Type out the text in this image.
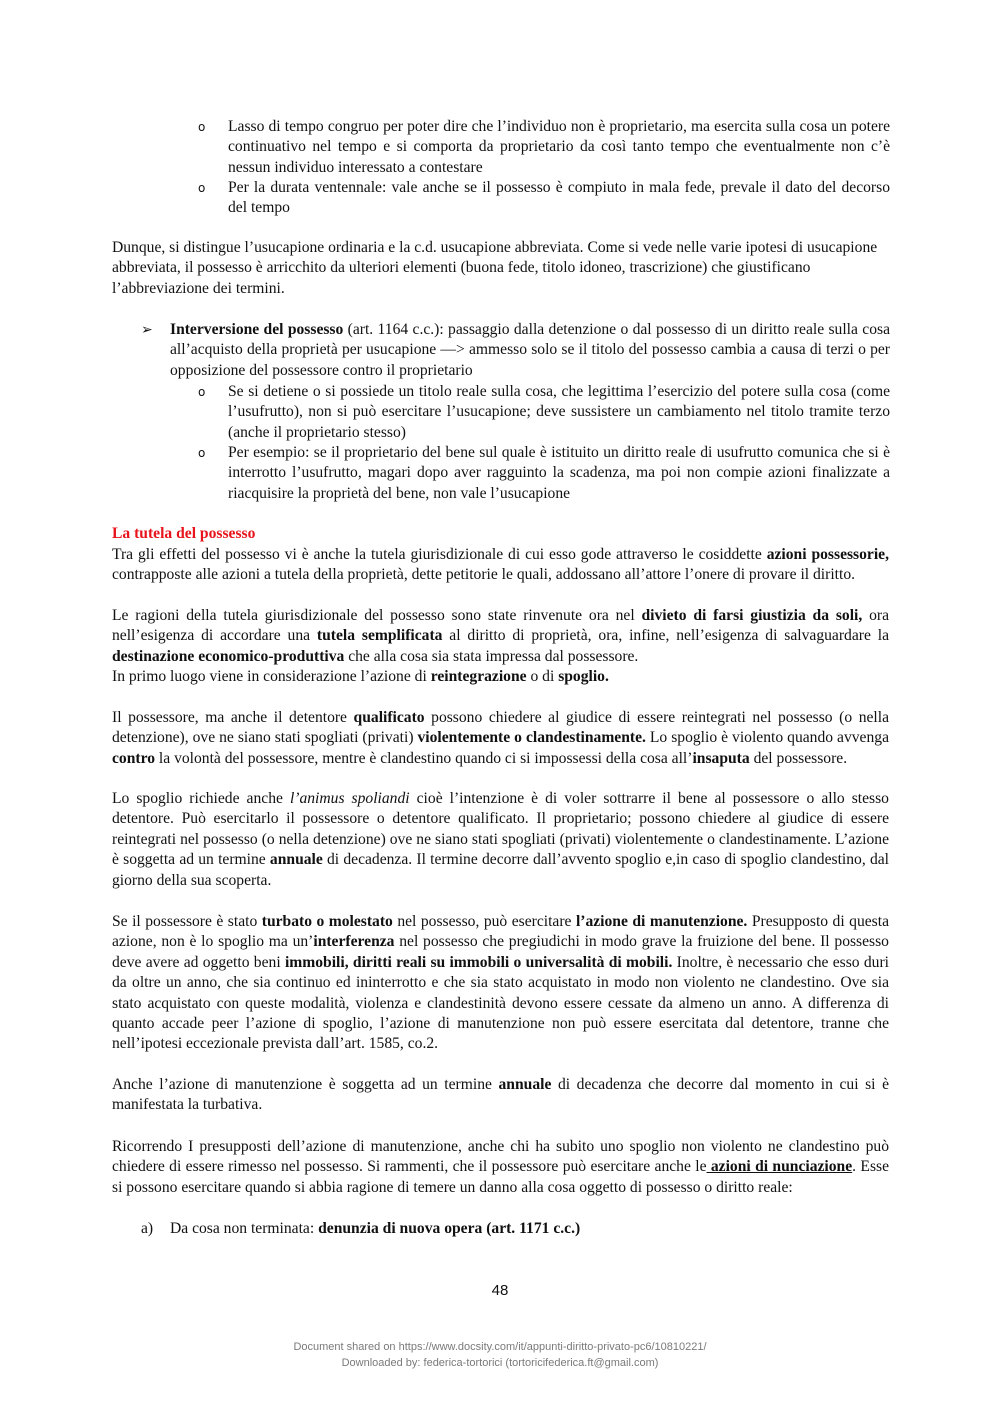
o Lasso di tempo congruo per poter dire che l’individuo non è proprietario, ma esercita sulla cosa un potere continuativo nel tempo e si comporta da proprietario da così tanto tempo che eventualmente non c’è nessun individuo interessato a contestare
o Per la durata ventennale: vale anche se il possesso è compiuto in mala fede, prevale il dato del decorso del tempo
Dunque, si distingue l’usucapione ordinaria e la c.d. usucapione abbreviata. Come si vede nelle varie ipotesi di usucapione abbreviata, il possesso è arricchito da ulteriori elementi (buona fede, titolo idoneo, trascrizione) che giustificano l’abbreviazione dei termini.
➢ Interversione del possesso (art. 1164 c.c.): passaggio dalla detenzione o dal possesso di un diritto reale sulla cosa all’acquisto della proprietà per usucapione —> ammesso solo se il titolo del possesso cambia a causa di terzi o per opposizione del possessore contro il proprietario
o Se si detiene o si possiede un titolo reale sulla cosa, che legittima l’esercizio del potere sulla cosa (come l’usufrutto), non si può esercitare l’usucapione; deve sussistere un cambiamento nel titolo tramite terzo (anche il proprietario stesso)
o Per esempio: se il proprietario del bene sul quale è istituito un diritto reale di usufrutto comunica che si è interrotto l’usufrutto, magari dopo aver ragguinto la scadenza, ma poi non compie azioni finalizzate a riacquisire la proprietà del bene, non vale l’usucapione
La tutela del possesso
Tra gli effetti del possesso vi è anche la tutela giurisdizionale di cui esso gode attraverso le cosiddette azioni possessorie, contrapposte alle azioni a tutela della proprietà, dette petitorie le quali, addossano all’attore l’onere di provare il diritto.
Le ragioni della tutela giurisdizionale del possesso sono state rinvenute ora nel divieto di farsi giustizia da soli, ora nell’esigenza di accordare una tutela semplificata al diritto di proprietà, ora, infine, nell’esigenza di salvaguardare la destinazione economico-produttiva che alla cosa sia stata impressa dal possessore.
In primo luogo viene in considerazione l’azione di reintegrazione o di spoglio.
Il possessore, ma anche il detentore qualificato possono chiedere al giudice di essere reintegrati nel possesso (o nella detenzione), ove ne siano stati spogliati (privati) violentemente o clandestinamente. Lo spoglio è violento quando avvenga contro la volontà del possessore, mentre è clandestino quando ci si impossessi della cosa all’insaputa del possessore.
Lo spoglio richiede anche l’animus spoliandi cioè l’intenzione è di voler sottrarre il bene al possessore o allo stesso detentore. Può esercitarlo il possessore o detentore qualificato. Il proprietario; possono chiedere al giudice di essere reintegrati nel possesso (o nella detenzione) ove ne siano stati spogliati (privati) violentemente o clandestinamente. L’azione è soggetta ad un termine annuale di decadenza. Il termine decorre dall’avvento spoglio e,in caso di spoglio clandestino, dal giorno della sua scoperta.
Se il possessore è stato turbato o molestato nel possesso, può esercitare l’azione di manutenzione. Presupposto di questa azione, non è lo spoglio ma un’interferenza nel possesso che pregiudichi in modo grave la fruizione del bene. Il possesso deve avere ad oggetto beni immobili, diritti reali su immobili o universalità di mobili. Inoltre, è necessario che esso duri da oltre un anno, che sia continuo ed ininterrotto e che sia stato acquistato in modo non violento ne clandestino. Ove sia stato acquistato con queste modalità, violenza e clandestinità devono essere cessate da almeno un anno. A differenza di quanto accade peer l’azione di spoglio, l’azione di manutenzione non può essere esercitata dal detentore, tranne che nell’ipotesi eccezionale prevista dall’art. 1585, co.2.
Anche l’azione di manutenzione è soggetta ad un termine annuale di decadenza che decorre dal momento in cui si è manifestata la turbativa.
Ricorrendo I presupposti dell’azione di manutenzione, anche chi ha subito uno spoglio non violento ne clandestino può chiedere di essere rimesso nel possesso. Si rammenti, che il possessore può esercitare anche le azioni di nunciazione. Esse si possono esercitare quando si abbia ragione di temere un danno alla cosa oggetto di possesso o diritto reale:
a) Da cosa non terminata: denunzia di nuova opera (art. 1171 c.c.)
48
Document shared on https://www.docsity.com/it/appunti-diritto-privato-pc6/10810221/
Downloaded by: federica-tortorici (tortoricifederica.ft@gmail.com)
